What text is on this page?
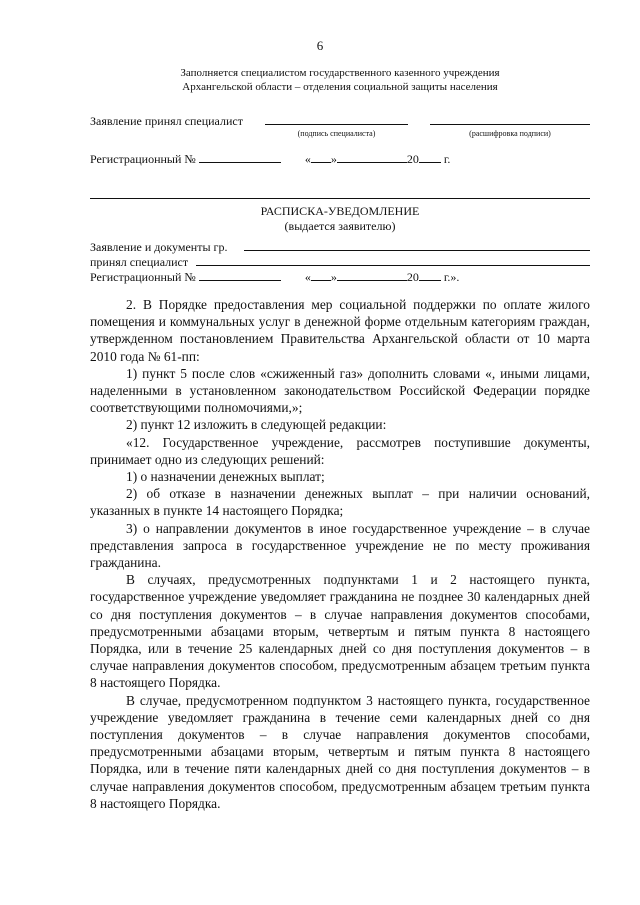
6
Заполняется специалистом государственного казенного учреждения
Архангельской области – отделения социальной защиты населения
Заявление принял специалист
(подпись специалиста)	(расшифровка подписи)
Регистрационный №	« »	20 г.
РАСПИСКА-УВЕДОМЛЕНИЕ
(выдается заявителю)
Заявление и документы гр.
принял специалист
Регистрационный №	« »	20 г.».

2. В Порядке предоставления мер социальной поддержки по оплате жилого помещения и коммунальных услуг в денежной форме отдельным категориям граждан, утвержденном постановлением Правительства Архангельской области от 10 марта 2010 года № 61-пп:

1) пункт 5 после слов «сжиженный газ» дополнить словами «, иными лицами, наделенными в установленном законодательством Российской Федерации порядке соответствующими полномочиями,»;

2) пункт 12 изложить в следующей редакции:

«12. Государственное учреждение, рассмотрев поступившие документы, принимает одно из следующих решений:

1) о назначении денежных выплат;

2) об отказе в назначении денежных выплат – при наличии оснований, указанных в пункте 14 настоящего Порядка;

3) о направлении документов в иное государственное учреждение – в случае представления запроса в государственное учреждение не по месту проживания гражданина.

В случаях, предусмотренных подпунктами 1 и 2 настоящего пункта, государственное учреждение уведомляет гражданина не позднее 30 календарных дней со дня поступления документов – в случае направления документов способами, предусмотренными абзацами вторым, четвертым и пятым пункта 8 настоящего Порядка, или в течение 25 календарных дней со дня поступления документов – в случае направления документов способом, предусмотренным абзацем третьим пункта 8 настоящего Порядка.

В случае, предусмотренном подпунктом 3 настоящего пункта, государственное учреждение уведомляет гражданина в течение семи календарных дней со дня поступления документов – в случае направления документов способами, предусмотренными абзацами вторым, четвертым и пятым пункта 8 настоящего Порядка, или в течение пяти календарных дней со дня поступления документов – в случае направления документов способом, предусмотренным абзацем третьим пункта 8 настоящего Порядка.
